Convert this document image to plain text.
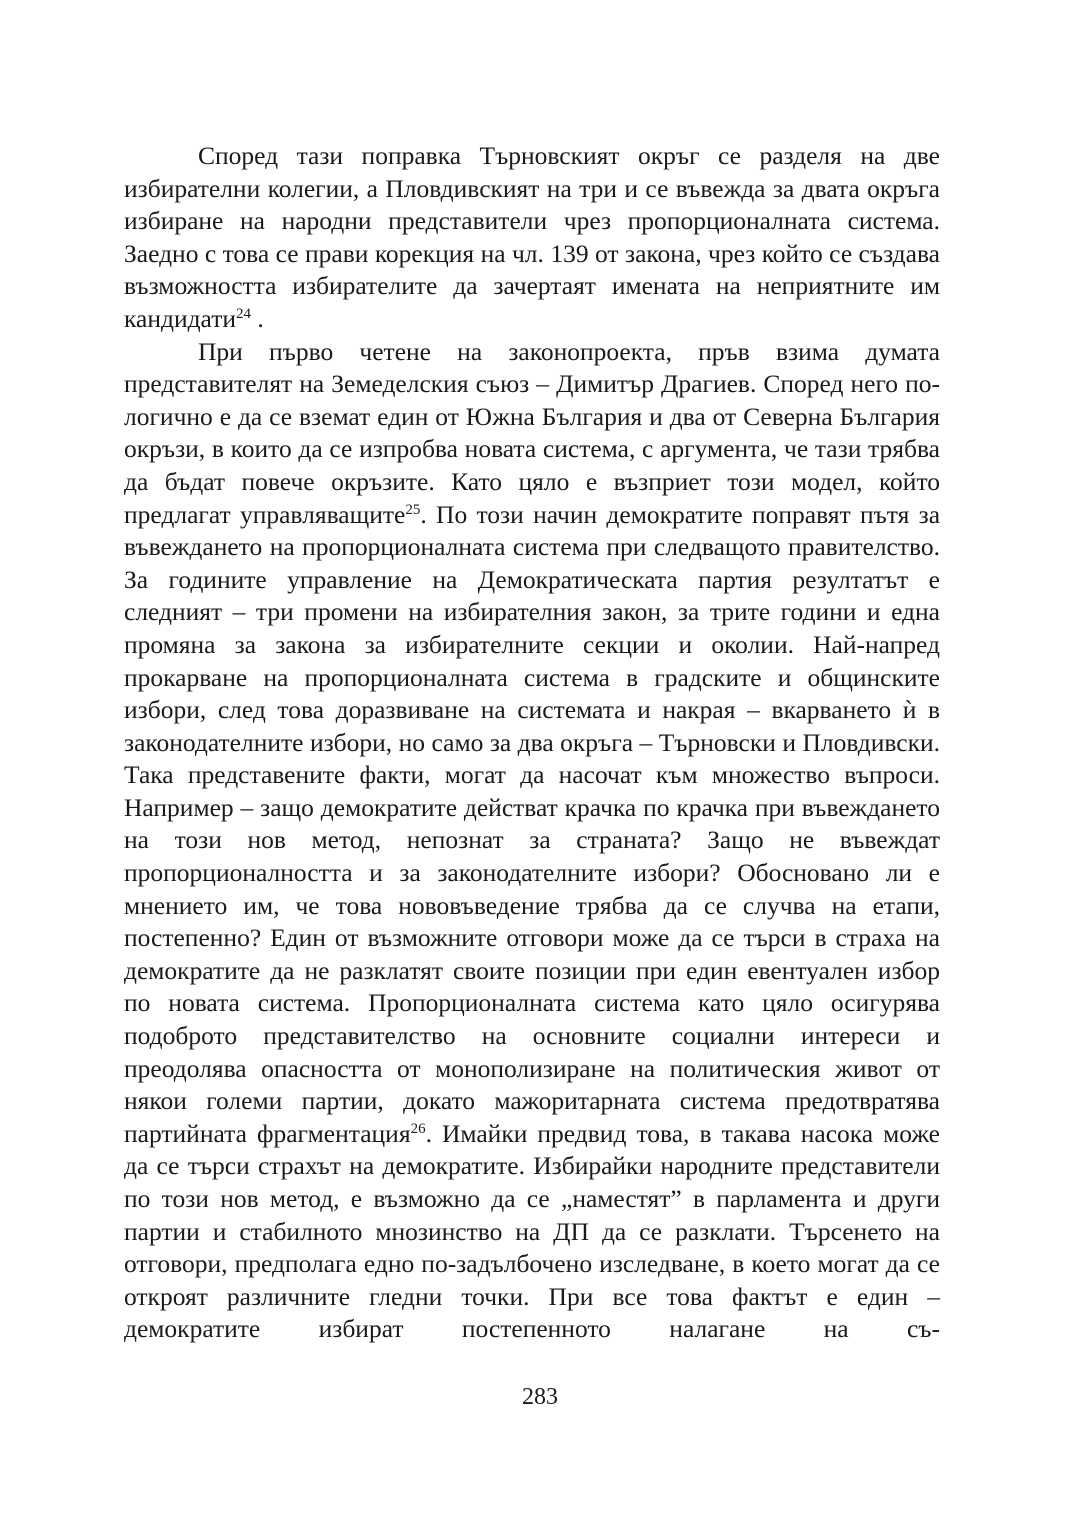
Според тази поправка Търновският окръг се разделя на две избирателни колегии, а Пловдивският на три и се въвежда за двата окръга избиране на народни представители чрез пропорционалната система. Заедно с това се прави корекция на чл. 139 от закона, чрез който се създава възможността избирателите да зачертаят имената на неприятните им кандидати$^{24}$ .

При първо четене на законопроекта, пръв взима думата представителят на Земеделския съюз – Димитър Драгиев. Според него по-логично е да се вземат един от Южна България и два от Северна България окръзи, в които да се изпробва новата система, с аргумента, че тази трябва да бъдат повече окръзите. Като цяло е възприет този модел, който предлагат управляващите$^{25}$. По този начин демократите поправят пътя за въвеждането на пропорционалната система при следващото правителство. За годините управление на Демократическата партия резултатът е следният – три промени на избирателния закон, за трите години и една промяна за закона за избирателните секции и околии. Най-напред прокарване на пропорционалната система в градските и общинските избори, след това доразвиване на системата и накрая – вкарването ѝ в законодателните избори, но само за два окръга – Търновски и Пловдивски. Така представените факти, могат да насочат към множество въпроси. Например – защо демократите действат крачка по крачка при въвеждането на този нов метод, непознат за страната? Защо не въвеждат пропорционалността и за законодателните избори? Обосновано ли е мнението им, че това нововъведение трябва да се случва на етапи, постепенно? Един от възможните отговори може да се търси в страха на демократите да не разклатят своите позиции при един евентуален избор по новата система. Пропорционалната система като цяло осигурява подоброто представителство на основните социални интереси и преодолява опасността от монополизиране на политическия живот от някои големи партии, докато мажоритарната система предотвратява партийната фрагментация$^{26}$. Имайки предвид това, в такава насока може да се търси страхът на демократите. Избирайки народните представители по този нов метод, е възможно да се „наместят” в парламента и други партии и стабилното мнозинство на ДП да се разклати. Търсенето на отговори, предполага едно по-задълбочено изследване, в което могат да се откроят различните гледни точки. При все това фактът е един – демократите избират постепенното налагане на съ-

283
